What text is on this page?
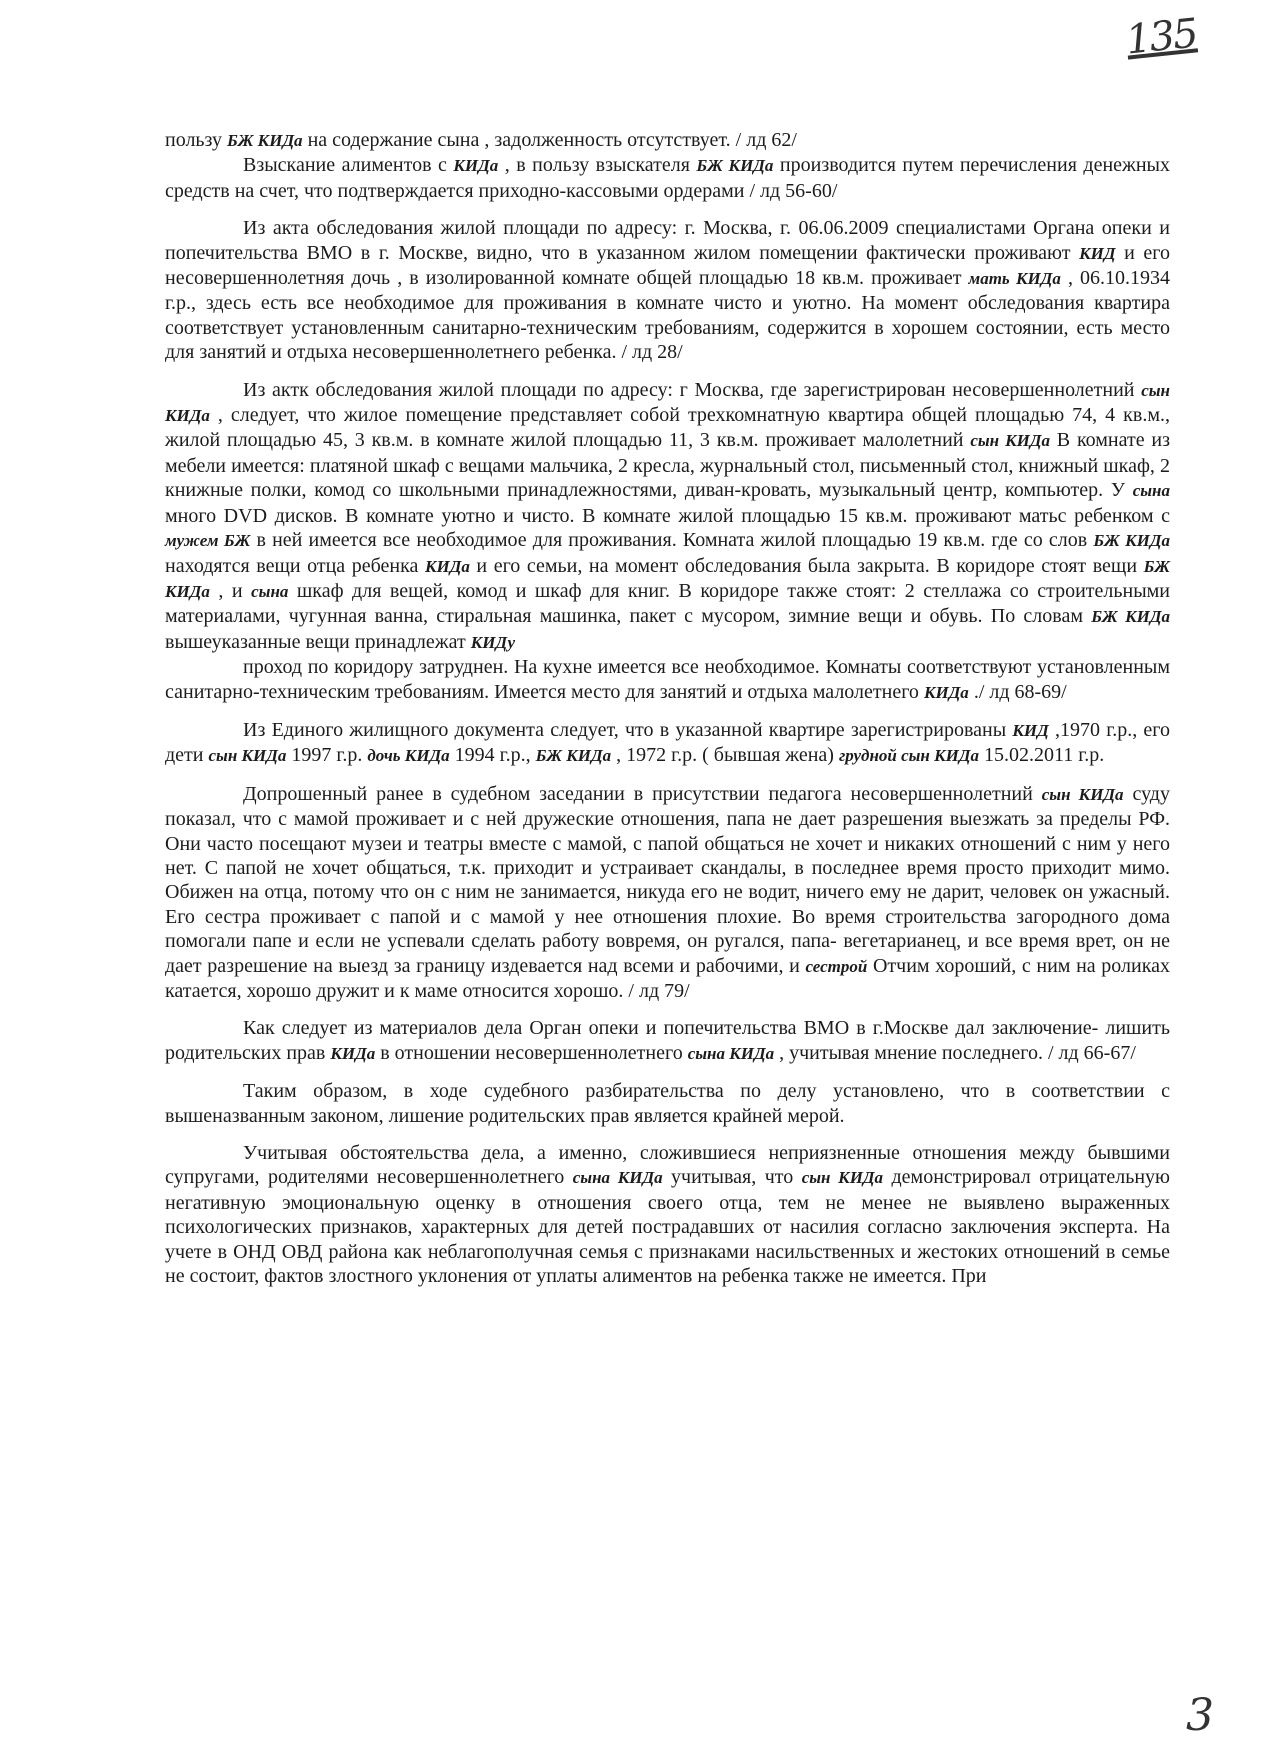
135

пользу БЖ КИДа на содержание сына , задолженность отсутствует. / лд 62/

Взыскание алиментов с КИДа , в пользу взыскателя БЖ КИДа производится путем перечисления денежных средств на счет, что подтверждается приходно-кассовыми ордерами / лд 56-60/

Из акта обследования жилой площади по адресу: г. Москва, г. 06.06.2009 специалистами Органа опеки и попечительства ВМО в г. Москве, видно, что в указанном жилом помещении фактически проживают КИД и его несовершеннолетняя дочь , в изолированной комнате общей площадью 18 кв.м. проживает мать КИДа , 06.10.1934 г.р., здесь есть все необходимое для проживания в комнате чисто и уютно. На момент обследования квартира соответствует установленным санитарно-техническим требованиям, содержится в хорошем состоянии, есть место для занятий и отдыха несовершеннолетнего ребенка. / лд 28/

Из актк обследования жилой площади по адресу: г Москва, где зарегистрирован несовершеннолетний сын КИДа , следует, что жилое помещение представляет собой трехкомнатную квартира общей площадью 74, 4 кв.м., жилой площадью 45, 3 кв.м. в комнате жилой площадью 11, 3 кв.м. проживает малолетний сын КИДа В комнате из мебели имеется: платяной шкаф с вещами мальчика, 2 кресла, журнальный стол, письменный стол, книжный шкаф, 2 книжные полки, комод со школьными принадлежностями, диван-кровать, музыкальный центр, компьютер. У сына много DVD дисков. В комнате уютно и чисто. В комнате жилой площадью 15 кв.м. проживают матьс ребенком с мужем БЖ в ней имеется все необходимое для проживания. Комната жилой площадью 19 кв.м. где со слов БЖ КИДа находятся вещи отца ребенка КИДа и его семьи, на момент обследования была закрыта. В коридоре стоят вещи БЖ КИДа , и сына шкаф для вещей, комод и шкаф для книг. В коридоре также стоят: 2 стеллажа со строительными материалами, чугунная ванна, стиральная машинка, пакет с мусором, зимние вещи и обувь. По словам БЖ КИДа вышеуказанные вещи принадлежат КИДу

проход по коридору затруднен. На кухне имеется все необходимое. Комнаты соответствуют установленным санитарно-техническим требованиям. Имеется место для занятий и отдыха малолетнего КИДа ./ лд 68-69/

Из Единого жилищного документа следует, что в указанной квартире зарегистрированы КИД ,1970 г.р., его дети сын КИДа 1997 г.р. дочь КИДа 1994 г.р., БЖ КИДа , 1972 г.р. ( бывшая жена) грудной сын КИДа 15.02.2011 г.р.

Допрошенный ранее в судебном заседании в присутствии педагога несовершеннолетний сын КИДа суду показал, что с мамой проживает и с ней дружеские отношения, папа не дает разрешения выезжать за пределы РФ. Они часто посещают музеи и театры вместе с мамой, с папой общаться не хочет и никаких отношений с ним у него нет. С папой не хочет общаться, т.к. приходит и устраивает скандалы, в последнее время просто приходит мимо. Обижен на отца, потому что он с ним не занимается, никуда его не водит, ничего ему не дарит, человек он ужасный. Его сестра проживает с папой и с мамой у нее отношения плохие. Во время строительства загородного дома помогали папе и если не успевали сделать работу вовремя, он ругался, папа- вегетарианец, и все время врет, он не дает разрешение на выезд за границу издевается над всеми и рабочими, и сестрой Отчим хороший, с ним на роликах катается, хорошо дружит и к маме относится хорошо. / лд 79/

Как следует из материалов дела Орган опеки и попечительства ВМО в г.Москве дал заключение- лишить родительских прав КИДа в отношении несовершеннолетнего сына КИДа , учитывая мнение последнего. / лд 66-67/

Таким образом, в ходе судебного разбирательства по делу установлено, что в соответствии с вышеназванным законом, лишение родительских прав является крайней мерой.

Учитывая обстоятельства дела, а именно, сложившиеся неприязненные отношения между бывшими супругами, родителями несовершеннолетнего сына КИДа учитывая, что сын КИДа демонстрировал отрицательную негативную эмоциональную оценку в отношения своего отца, тем не менее не выявлено выраженных психологических признаков, характерных для детей пострадавших от насилия согласно заключения эксперта. На учете в ОНД ОВД района как неблагополучная семья с признаками насильственных и жестоких отношений в семье не состоит, фактов злостного уклонения от уплаты алиментов на ребенка также не имеется. При

3
